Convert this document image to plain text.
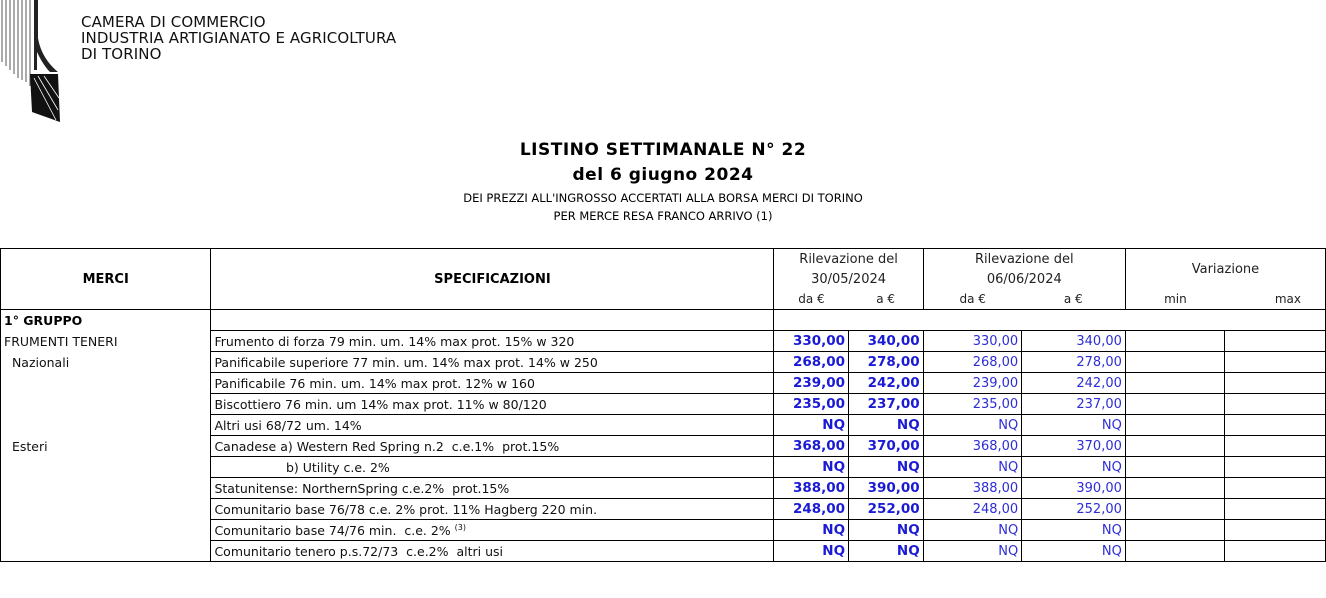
CAMERA DI COMMERCIO
INDUSTRIA ARTIGIANATO E AGRICOLTURA
DI TORINO
LISTINO SETTIMANALE N° 22
del 6 giugno 2024
DEI PREZZI ALL'INGROSSO ACCERTATI ALLA BORSA MERCI DI TORINO
PER MERCE RESA FRANCO ARRIVO (1)
MERCI	SPECIFICAZIONI	Rilevazione del		Rilevazione del		Variazione	
		30/05/2024		06/06/2024			
		da €	a €	da €	a €	min	max
1° GRUPPO							
FRUMENTI TENERI	Frumento di forza 79 min. um. 14% max prot. 15% w 320	330,00	340,00	330,00	340,00		
Nazionali	Panificabile superiore 77 min. um. 14% max prot. 14% w 250	268,00	278,00	268,00	278,00		
	Panificabile 76 min. um. 14% max prot. 12% w 160	239,00	242,00	239,00	242,00		
	Biscottiero 76 min. um 14% max prot. 11% w 80/120	235,00	237,00	235,00	237,00		
	Altri usi 68/72 um. 14%	NQ	NQ	NQ	NQ		
Esteri	Canadese a) Western Red Spring n.2  c.e.1%  prot.15%	368,00	370,00	368,00	370,00		
	b) Utility c.e. 2%	NQ	NQ	NQ	NQ		
	Statunitense: NorthernSpring c.e.2%  prot.15%	388,00	390,00	388,00	390,00		
	Comunitario base 76/78 c.e. 2% prot. 11% Hagberg 220 min.	248,00	252,00	248,00	252,00		
	Comunitario base 74/76 min.  c.e. 2% $^{(3)}$	NQ	NQ	NQ	NQ		
	Comunitario tenero p.s.72/73  c.e.2%  altri usi	NQ	NQ	NQ	NQ		
